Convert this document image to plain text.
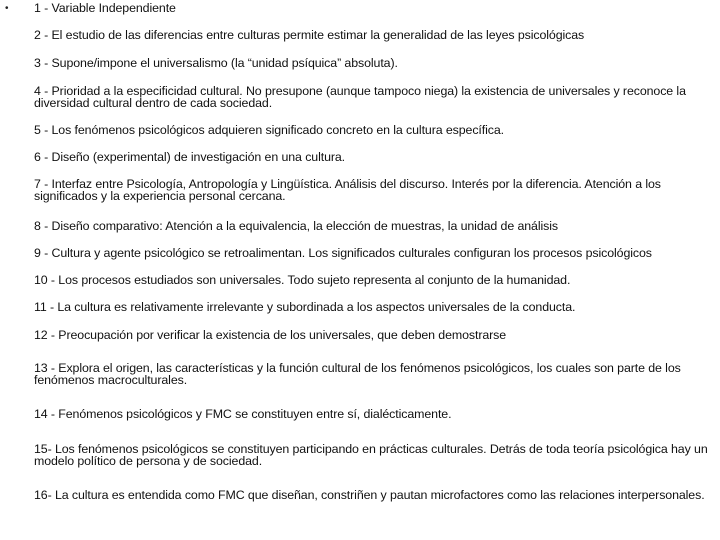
• 1 - Variable Independiente

2 - El estudio de las diferencias entre culturas permite estimar la generalidad de las leyes psicológicas

3 - Supone/impone el universalismo (la “unidad psíquica” absoluta).

4 - Prioridad a la especificidad cultural. No presupone (aunque tampoco niega) la existencia de universales y reconoce la diversidad cultural dentro de cada sociedad.

5 - Los fenómenos psicológicos adquieren significado concreto en la cultura específica.

6 - Diseño (experimental) de investigación en una cultura.

7 - Interfaz entre Psicología, Antropología y Lingüística. Análisis del discurso. Interés por la diferencia. Atención a los significados y la experiencia personal cercana.

8 - Diseño comparativo: Atención a la equivalencia, la elección de muestras, la unidad de análisis

9 - Cultura y agente psicológico se retroalimentan. Los significados culturales configuran los procesos psicológicos

10 - Los procesos estudiados son universales. Todo sujeto representa al conjunto de la humanidad.

11 - La cultura es relativamente irrelevante y subordinada a los aspectos universales de la conducta.

12 - Preocupación por verificar la existencia de los universales, que deben demostrarse

13 - Explora el origen, las características y la función cultural de los fenómenos psicológicos, los cuales son parte de los fenómenos macroculturales.

14 - Fenómenos psicológicos y FMC se constituyen entre sí, dialécticamente.

15- Los fenómenos psicológicos se constituyen participando en prácticas culturales. Detrás de toda teoría psicológica hay un modelo político de persona y de sociedad.

16- La cultura es entendida como FMC que diseñan, constriñen y pautan microfactores como las relaciones interpersonales.
